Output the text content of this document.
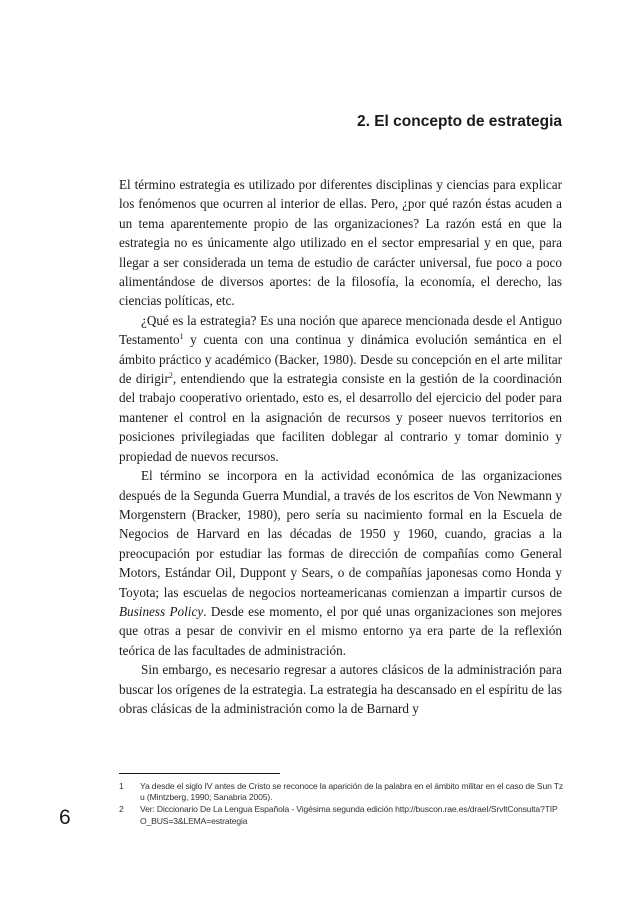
2. El concepto de estrategia

El término estrategia es utilizado por diferentes disciplinas y ciencias para explicar los fenómenos que ocurren al interior de ellas. Pero, ¿por qué razón éstas acuden a un tema aparentemente propio de las organizaciones? La razón está en que la estrategia no es únicamente algo utilizado en el sector empresarial y en que, para llegar a ser considerada un tema de estudio de carácter universal, fue poco a poco alimentándose de diversos aportes: de la filosofía, la economía, el derecho, las ciencias políticas, etc.

¿Qué es la estrategia? Es una noción que aparece mencionada desde el Antiguo Testamento$^1$ y cuenta con una continua y dinámica evolución semántica en el ámbito práctico y académico (Backer, 1980). Desde su concepción en el arte militar de dirigir$^2$, entendiendo que la estrategia consiste en la gestión de la coordinación del trabajo cooperativo orientado, esto es, el desarrollo del ejercicio del poder para mantener el control en la asignación de recursos y poseer nuevos territorios en posiciones privilegiadas que faciliten doblegar al contrario y tomar dominio y propiedad de nuevos recursos.

El término se incorpora en la actividad económica de las organizaciones después de la Segunda Guerra Mundial, a través de los escritos de Von Newmann y Morgenstern (Bracker, 1980), pero sería su nacimiento formal en la Escuela de Negocios de Harvard en las décadas de 1950 y 1960, cuando, gracias a la preocupación por estudiar las formas de dirección de compañías como General Motors, Estándar Oil, Duppont y Sears, o de compañías japonesas como Honda y Toyota; las escuelas de negocios norteamericanas comienzan a impartir cursos de Business Policy. Desde ese momento, el por qué unas organizaciones son mejores que otras a pesar de convivir en el mismo entorno ya era parte de la reflexión teórica de las facultades de administración.

Sin embargo, es necesario regresar a autores clásicos de la administración para buscar los orígenes de la estrategia. La estrategia ha descansado en el espíritu de las obras clásicas de la administración como la de Barnard y

1	Ya desde el siglo IV antes de Cristo se reconoce la aparición de la palabra en el ámbito militar en el caso de Sun Tzu (Mintzberg, 1990; Sanabria 2005).
2	Ver: Diccionario De La Lengua Española - Vigésima segunda edición http://buscon.rae.es/draeI/SrvltConsulta?TIPO_BUS=3&LEMA=estrategia
6
